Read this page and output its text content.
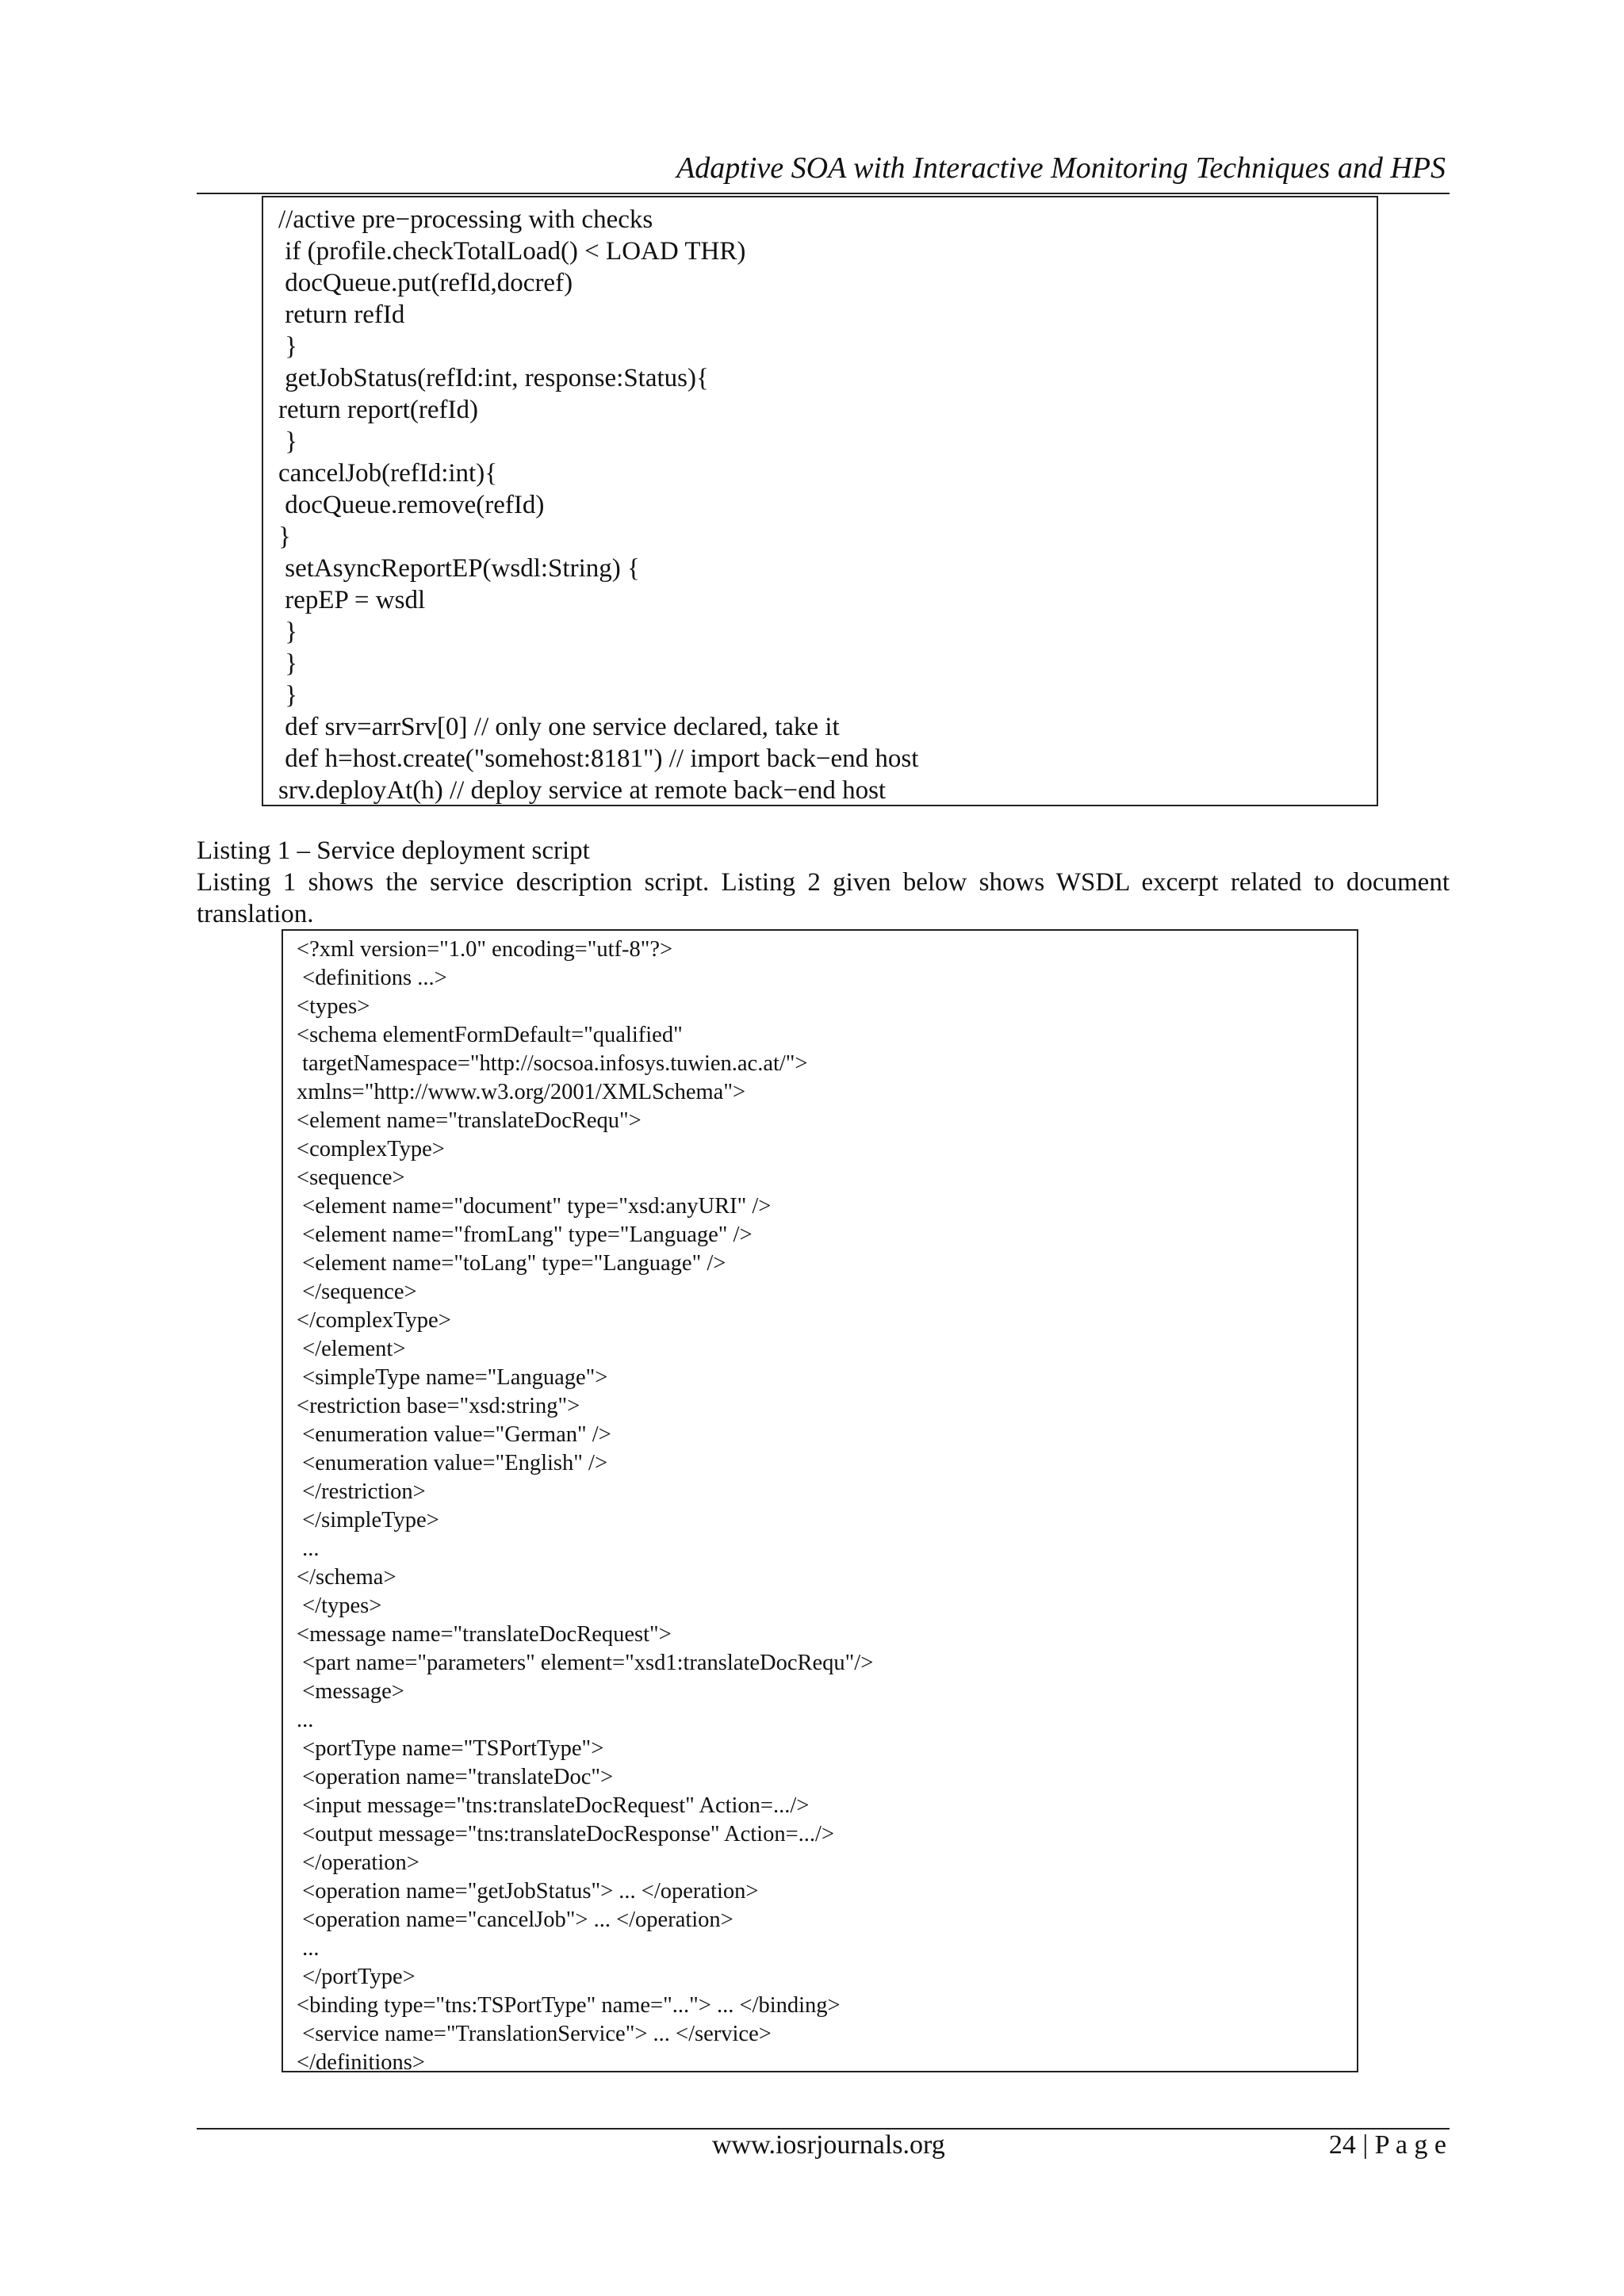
Adaptive SOA with Interactive Monitoring Techniques and HPS
//active pre−processing with checks
if (profile.checkTotalLoad() < LOAD THR)
docQueue.put(refId,docref)
return refId
}
getJobStatus(refId:int, response:Status){
return report(refId)
}
cancelJob(refId:int){
docQueue.remove(refId)
}
setAsyncReportEP(wsdl:String) {
repEP = wsdl
}
}
}
def srv=arrSrv[0] // only one service declared, take it
def h=host.create("somehost:8181") // import back−end host
srv.deployAt(h) // deploy service at remote back−end host
Listing 1 – Service deployment script
Listing 1 shows the service description script. Listing 2 given below shows WSDL excerpt related to document translation.
<?xml version="1.0" encoding="utf-8"?>
<definitions ...>
<types>
<schema elementFormDefault="qualified"
targetNamespace="http://socsoa.infosys.tuwien.ac.at/">
xmlns="http://www.w3.org/2001/XMLSchema">
<element name="translateDocRequ">
<complexType>
<sequence>
<element name="document" type="xsd:anyURI" />
<element name="fromLang" type="Language" />
<element name="toLang" type="Language" />
</sequence>
</complexType>
</element>
<simpleType name="Language">
<restriction base="xsd:string">
<enumeration value="German" />
<enumeration value="English" />
</restriction>
</simpleType>
...
</schema>
</types>
<message name="translateDocRequest">
<part name="parameters" element="xsd1:translateDocRequ"/>
<message>
...
<portType name="TSPortType">
<operation name="translateDoc">
<input message="tns:translateDocRequest" Action=.../>
<output message="tns:translateDocResponse" Action=.../>
</operation>
<operation name="getJobStatus"> ... </operation>
<operation name="cancelJob"> ... </operation>
...
</portType>
<binding type="tns:TSPortType" name="..."> ... </binding>
<service name="TranslationService"> ... </service>
</definitions>
www.iosrjournals.org	24 | P a g e
